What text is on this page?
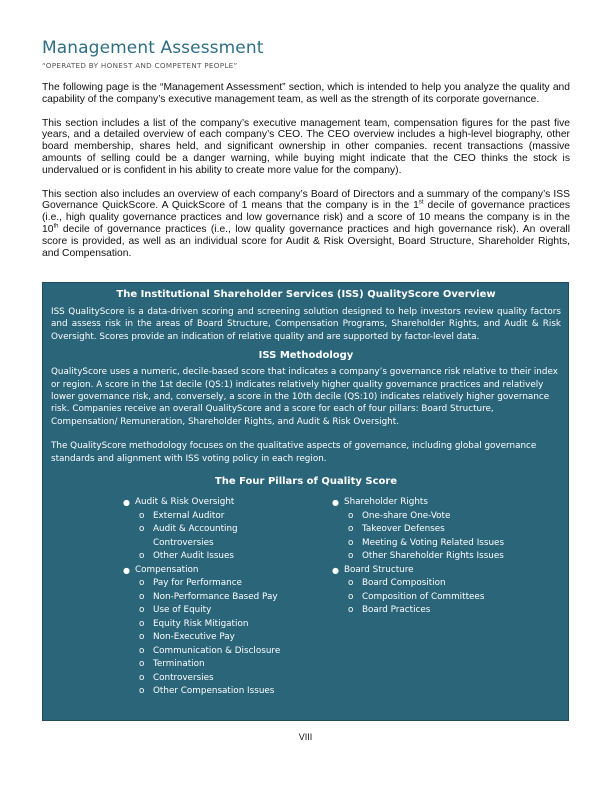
Management Assessment
“OPERATED BY HONEST AND COMPETENT PEOPLE”

The following page is the “Management Assessment” section, which is intended to help you analyze the quality and capability of the company’s executive management team, as well as the strength of its corporate governance.

This section includes a list of the company’s executive management team, compensation figures for the past five years, and a detailed overview of each company’s CEO. The CEO overview includes a high-level biography, other board membership, shares held, and significant ownership in other companies. recent transactions (massive amounts of selling could be a danger warning, while buying might indicate that the CEO thinks the stock is undervalued or is confident in his ability to create more value for the company).

This section also includes an overview of each company’s Board of Directors and a summary of the company’s ISS Governance QuickScore. A QuickScore of 1 means that the company is in the 1st decile of governance practices (i.e., high quality governance practices and low governance risk) and a score of 10 means the company is in the 10th decile of governance practices (i.e., low quality governance practices and high governance risk). An overall score is provided, as well as an individual score for Audit & Risk Oversight, Board Structure, Shareholder Rights, and Compensation.

The Institutional Shareholder Services (ISS) QualityScore Overview

ISS QualityScore is a data-driven scoring and screening solution designed to help investors review quality factors and assess risk in the areas of Board Structure, Compensation Programs, Shareholder Rights, and Audit & Risk Oversight. Scores provide an indication of relative quality and are supported by factor-level data.

ISS Methodology

QualityScore uses a numeric, decile-based score that indicates a company’s governance risk relative to their index or region. A score in the 1st decile (QS:1) indicates relatively higher quality governance practices and relatively lower governance risk, and, conversely, a score in the 10th decile (QS:10) indicates relatively higher governance risk. Companies receive an overall QualityScore and a score for each of four pillars: Board Structure, Compensation/ Remuneration, Shareholder Rights, and Audit & Risk Oversight.

The QualityScore methodology focuses on the qualitative aspects of governance, including global governance standards and alignment with ISS voting policy in each region.

The Four Pillars of Quality Score
● Audit & Risk Oversight
o External Auditor
o Audit & Accounting Controversies
o Other Audit Issues
● Compensation
o Pay for Performance
o Non-Performance Based Pay
o Use of Equity
o Equity Risk Mitigation
o Non-Executive Pay
o Communication & Disclosure
o Termination
o Controversies
o Other Compensation Issues
● Shareholder Rights
o One-share One-Vote
o Takeover Defenses
o Meeting & Voting Related Issues
o Other Shareholder Rights Issues
● Board Structure
o Board Composition
o Composition of Committees
o Board Practices
VIII
